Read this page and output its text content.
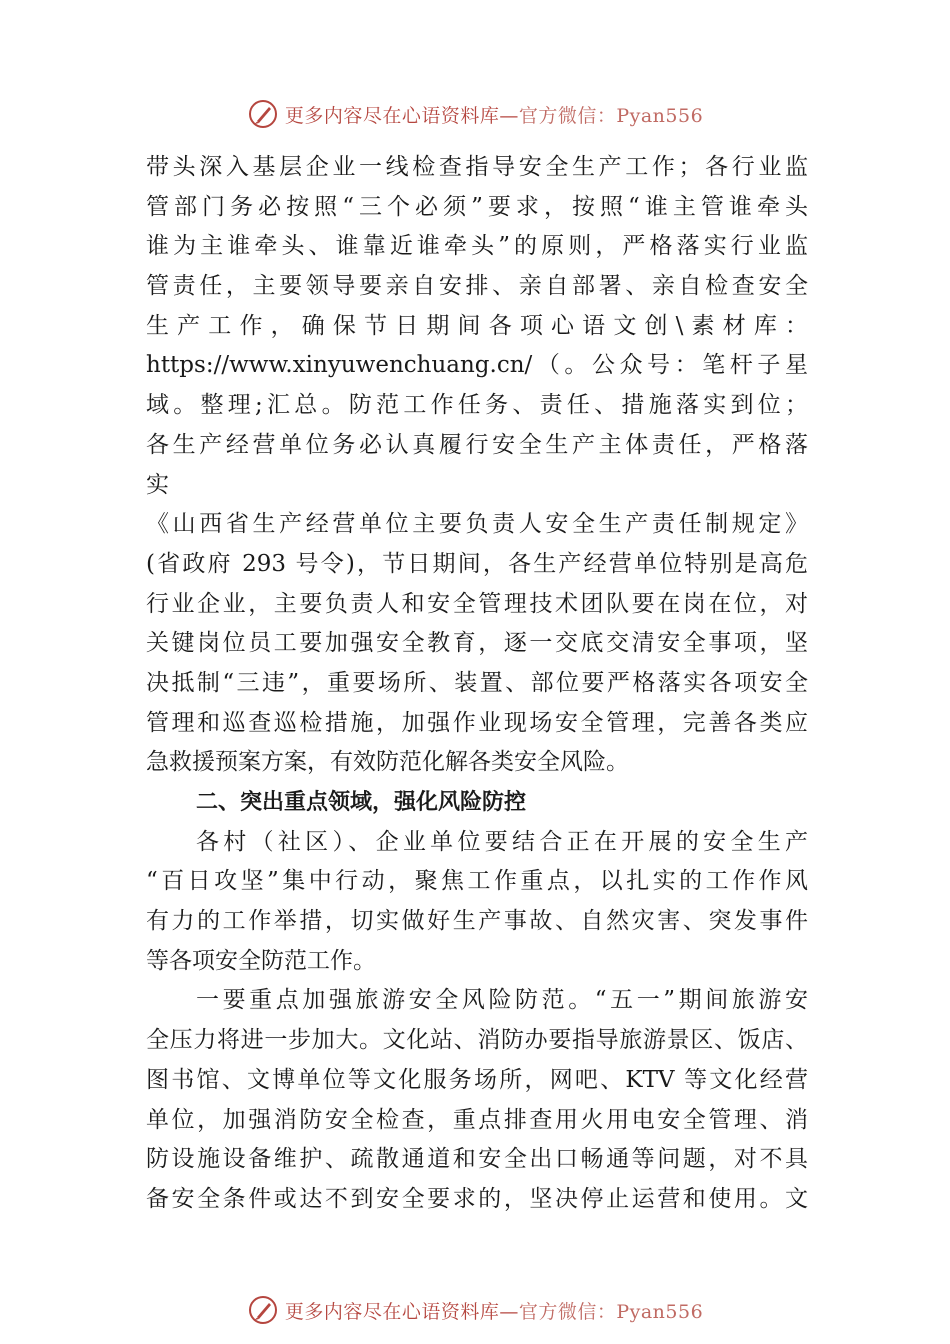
更多内容尽在心语资料库—官方微信：Pyan556
带头深入基层企业一线检查指导安全生产工作；各行业监
管部门务必按照“三个必须”要求，按照“谁主管谁牵头
谁为主谁牵头、谁靠近谁牵头”的原则，严格落实行业监
管责任，主要领导要亲自安排、亲自部署、亲自检查安全
生产工作，确保节日期间各项心语文创\素材库：
https://www.xinyuwenchuang.cn/（。公众号：笔杆子星
域。整理;汇总。防范工作任务、责任、措施落实到位；
各生产经营单位务必认真履行安全生产主体责任，严格落
实
《山西省生产经营单位主要负责人安全生产责任制规定》
(省政府 293 号令)，节日期间，各生产经营单位特别是高危
行业企业，主要负责人和安全管理技术团队要在岗在位，对
关键岗位员工要加强安全教育，逐一交底交清安全事项，坚
决抵制“三违”，重要场所、装置、部位要严格落实各项安全
管理和巡查巡检措施，加强作业现场安全管理，完善各类应
急救援预案方案，有效防范化解各类安全风险。
二、突出重点领域，强化风险防控
各村（社区）、企业单位要结合正在开展的安全生产
“百日攻坚”集中行动，聚焦工作重点，以扎实的工作作风
有力的工作举措，切实做好生产事故、自然灾害、突发事件
等各项安全防范工作。
一要重点加强旅游安全风险防范。“五一”期间旅游安
全压力将进一步加大。文化站、消防办要指导旅游景区、饭店、
图书馆、文博单位等文化服务场所，网吧、KTV 等文化经营
单位，加强消防安全检查，重点排查用火用电安全管理、消
防设施设备维护、疏散通道和安全出口畅通等问题，对不具
备安全条件或达不到安全要求的，坚决停止运营和使用。文
更多内容尽在心语资料库—官方微信：Pyan556
